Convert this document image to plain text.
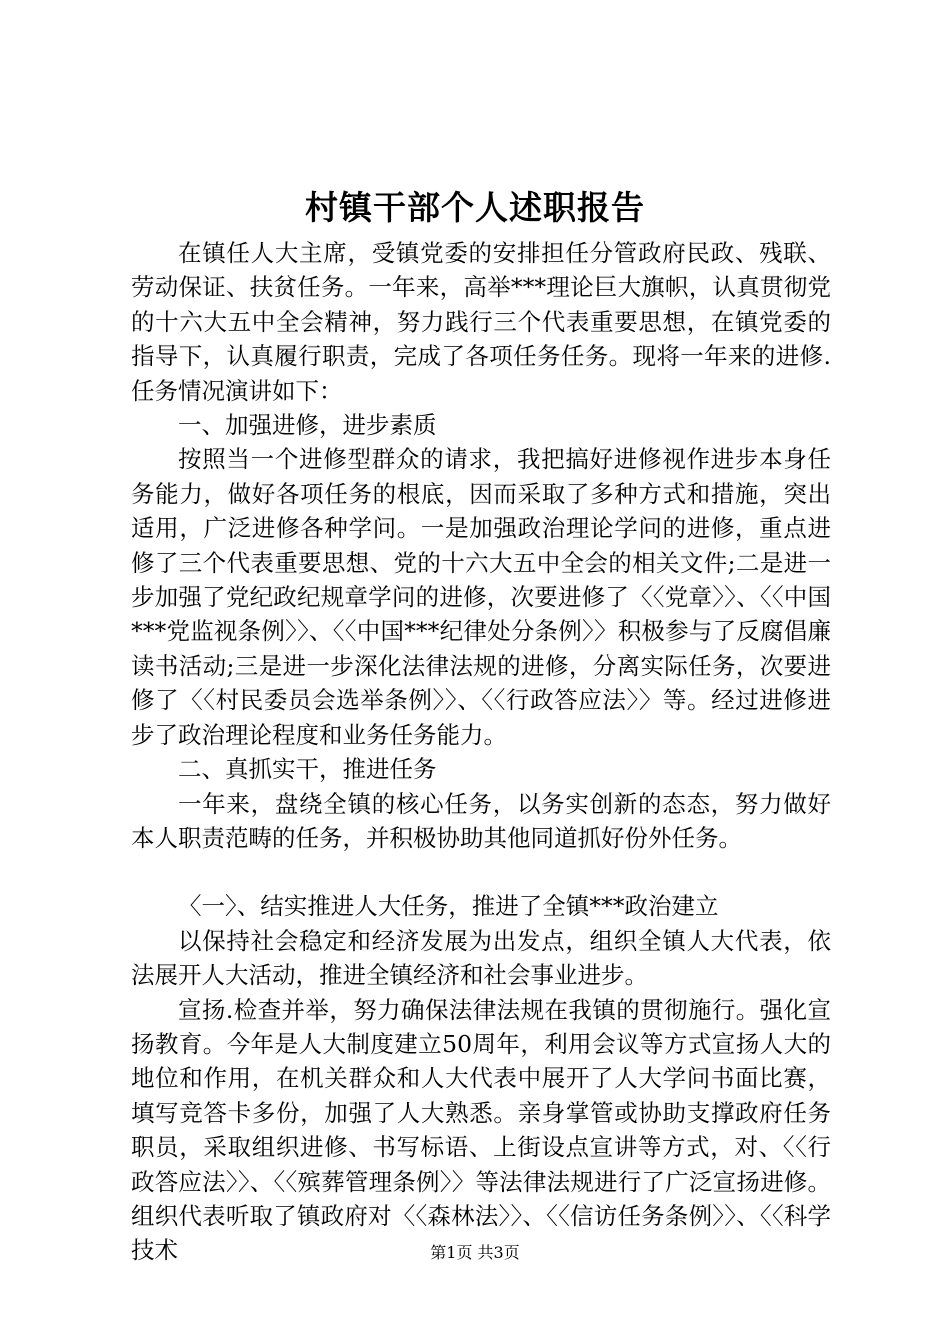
村镇干部个人述职报告

在镇任人大主席，受镇党委的安排担任分管政府民政、残联、劳动保证、扶贫任务。一年来，高举***理论巨大旗帜，认真贯彻党的十六大五中全会精神，努力践行三个代表重要思想，在镇党委的指导下，认真履行职责，完成了各项任务任务。现将一年来的进修.任务情况演讲如下：

一、加强进修，进步素质

按照当一个进修型群众的请求，我把搞好进修视作进步本身任务能力，做好各项任务的根底，因而采取了多种方式和措施，突出适用，广泛进修各种学问。一是加强政治理论学问的进修，重点进修了三个代表重要思想、党的十六大五中全会的相关文件;二是进一步加强了党纪政纪规章学问的进修，次要进修了〈〈党章〉〉、〈〈中国***党监视条例〉〉、〈〈中国***纪律处分条例〉〉积极参与了反腐倡廉读书活动;三是进一步深化法律法规的进修，分离实际任务，次要进修了〈〈村民委员会选举条例〉〉、〈〈行政答应法〉〉等。经过进修进步了政治理论程度和业务任务能力。

二、真抓实干，推进任务

一年来，盘绕全镇的核心任务，以务实创新的态态，努力做好本人职责范畴的任务，并积极协助其他同道抓好份外任务。

〈一〉、结实推进人大任务，推进了全镇***政治建立

以保持社会稳定和经济发展为出发点，组织全镇人大代表，依法展开人大活动，推进全镇经济和社会事业进步。

宣扬.检查并举，努力确保法律法规在我镇的贯彻施行。强化宣扬教育。今年是人大制度建立50周年，利用会议等方式宣扬人大的地位和作用，在机关群众和人大代表中展开了人大学问书面比赛，填写竞答卡多份，加强了人大熟悉。亲身掌管或协助支撑政府任务职员，采取组织进修、书写标语、上街设点宣讲等方式，对、〈〈行政答应法〉〉、〈〈殡葬管理条例〉〉等法律法规进行了广泛宣扬进修。组织代表听取了镇政府对〈〈森林法〉〉、〈〈信访任务条例〉〉、〈〈科学技术	第1页 共3页
